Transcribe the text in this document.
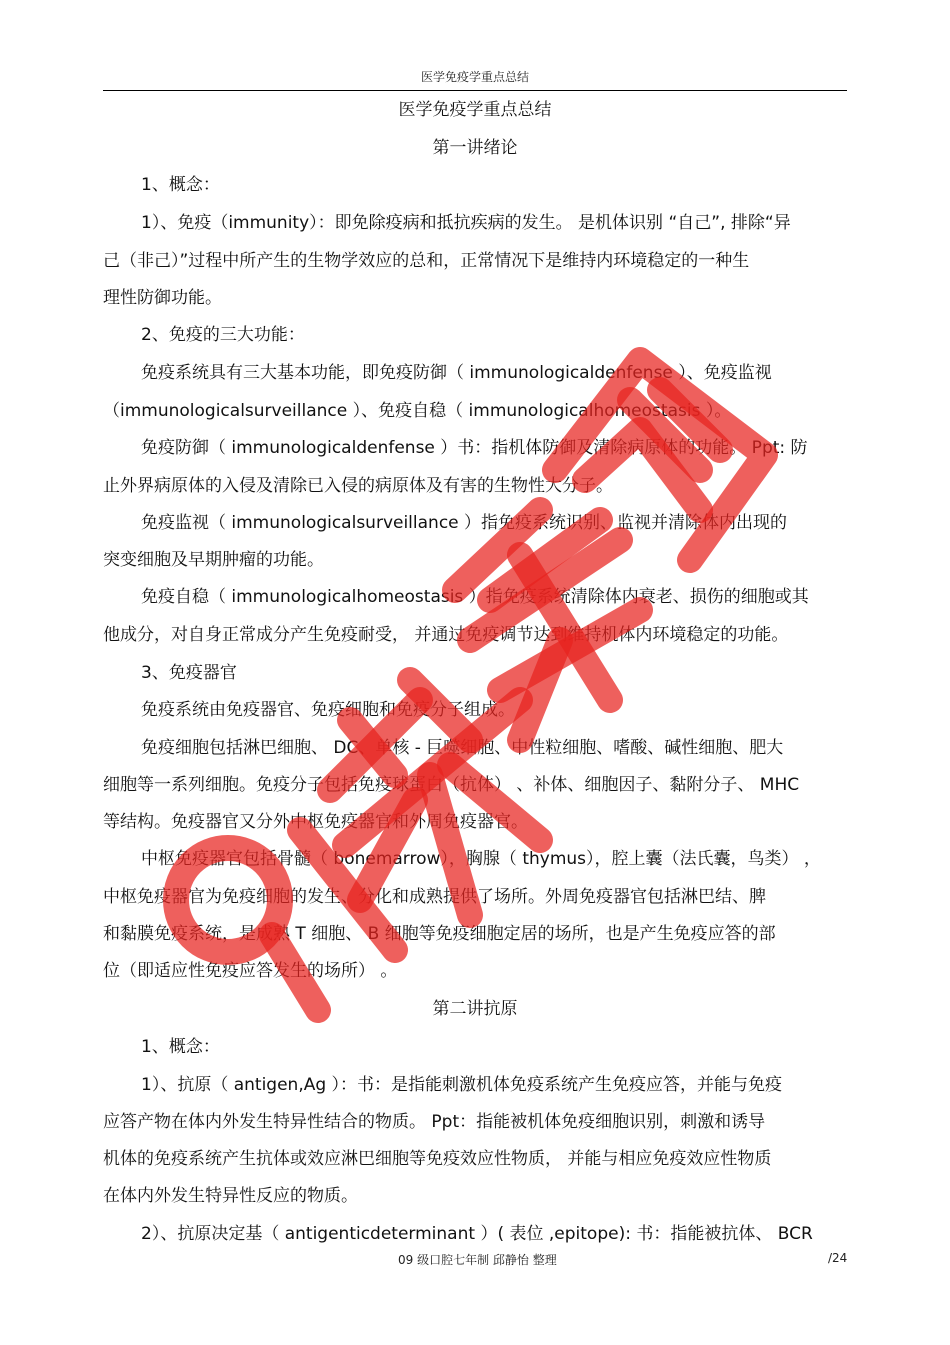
医学免疫学重点总结
医学免疫学重点总结
第一讲绪论
1、概念：
1）、免疫（immunity）：即免除疫病和抵抗疾病的发生。 是机体识别 “自己”, 排除“异
己（非己）”过程中所产生的生物学效应的总和，正常情况下是维持内环境稳定的一种生
理性防御功能。
2、免疫的三大功能：
免疫系统具有三大基本功能，即免疫防御（ immunologicaldenfense ）、免疫监视
（immunologicalsurveillance ）、免疫自稳（ immunologicalhomeostasis ）。
免疫防御（ immunologicaldenfense ）书：指机体防御及清除病原体的功能。 Ppt: 防
止外界病原体的入侵及清除已入侵的病原体及有害的生物性大分子。
免疫监视（ immunologicalsurveillance ）指免疫系统识别、监视并清除体内出现的
突变细胞及早期肿瘤的功能。
免疫自稳（ immunologicalhomeostasis ）指免疫系统清除体内衰老、损伤的细胞或其
他成分，对自身正常成分产生免疫耐受， 并通过免疫调节达到维持机体内环境稳定的功能。
3、免疫器官
免疫系统由免疫器官、免疫细胞和免疫分子组成。
免疫细胞包括淋巴细胞、 DC、单核 - 巨噬细胞、中性粒细胞、嗜酸、碱性细胞、肥大
细胞等一系列细胞。免疫分子包括免疫球蛋白（抗体） 、补体、细胞因子、黏附分子、 MHC
等结构。免疫器官又分外中枢免疫器官和外周免疫器官。
中枢免疫器官包括骨髓（ bonemarrow），胸腺（ thymus），腔上囊（法氏囊，鸟类） ，
中枢免疫器官为免疫细胞的发生、分化和成熟提供了场所。外周免疫器官包括淋巴结、脾
和黏膜免疫系统，是成熟 T 细胞、 B 细胞等免疫细胞定居的场所，也是产生免疫应答的部
位（即适应性免疫应答发生的场所） 。
第二讲抗原
1、概念：
1）、抗原（ antigen,Ag ）：书：是指能刺激机体免疫系统产生免疫应答，并能与免疫
应答产物在体内外发生特异性结合的物质。 Ppt：指能被机体免疫细胞识别，刺激和诱导
机体的免疫系统产生抗体或效应淋巴细胞等免疫效应性物质， 并能与相应免疫效应性物质
在体内外发生特异性反应的物质。
2）、抗原决定基（ antigenticdeterminant ）( 表位 ,epitope): 书：指能被抗体、 BCR
09 级口腔七年制 邱静怡 整理	/24
